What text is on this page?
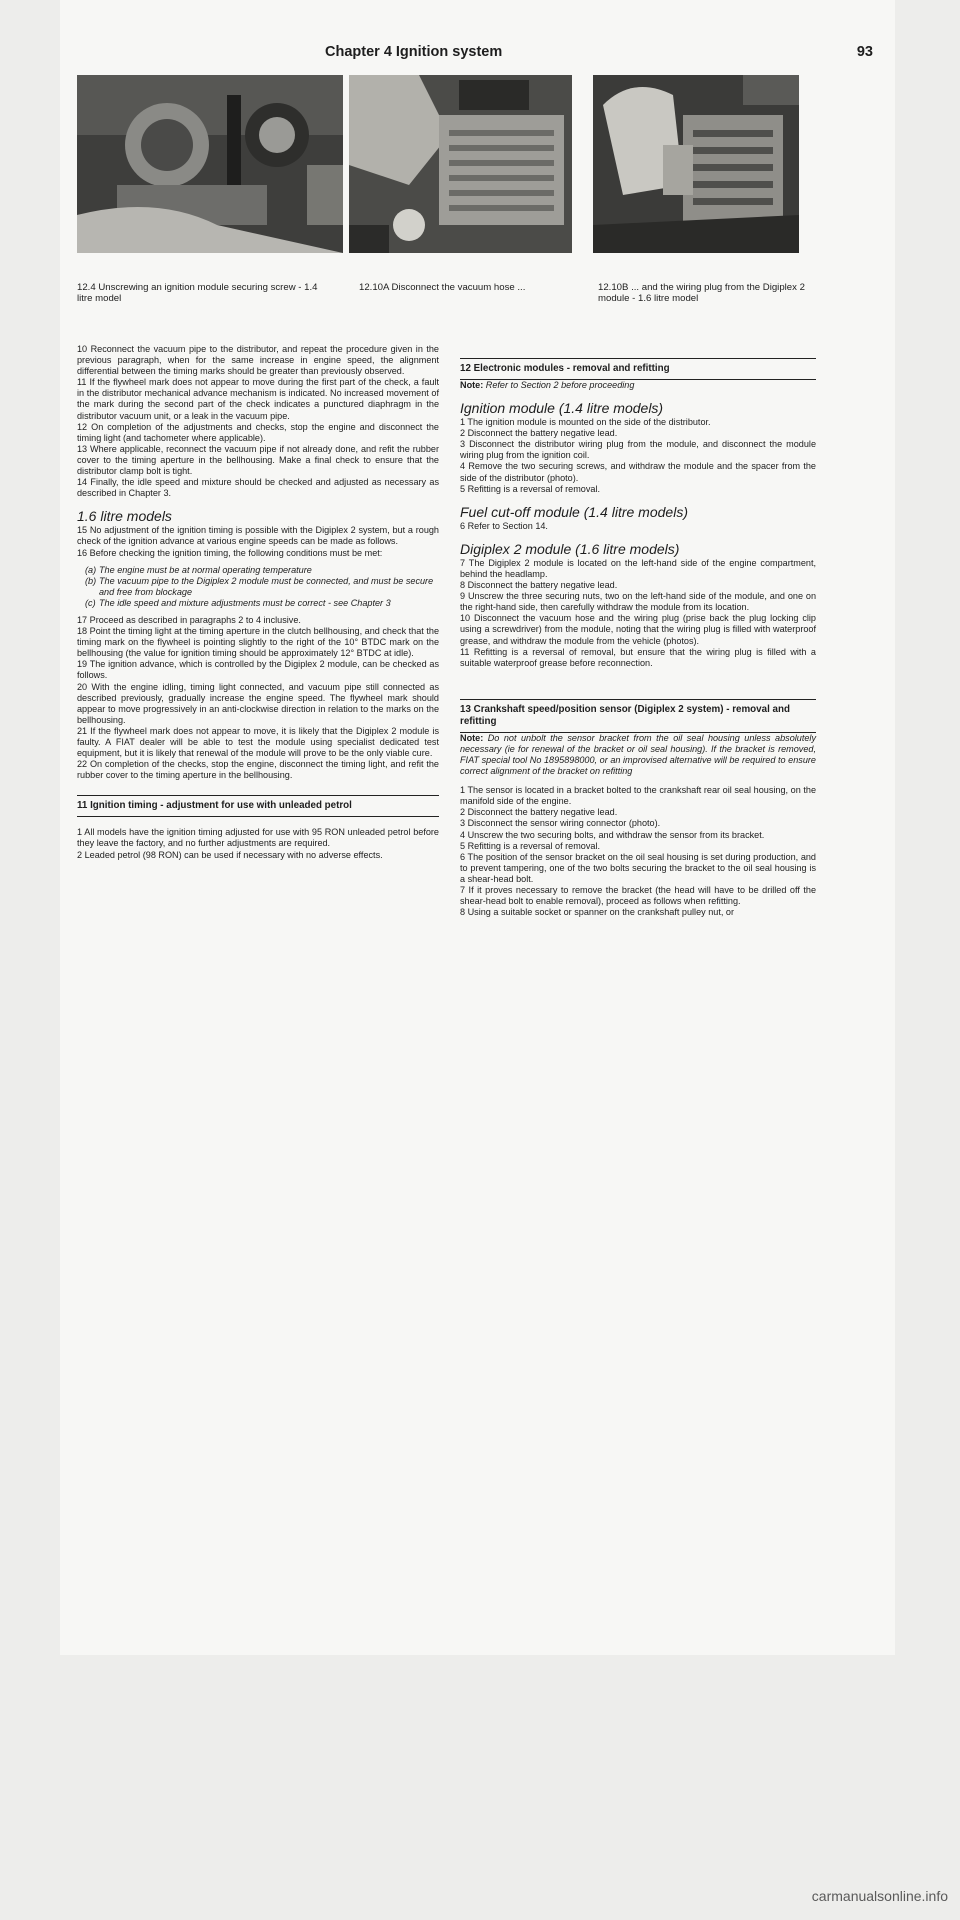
Chapter 4 Ignition system	93
12.4 Unscrewing an ignition module securing screw - 1.4 litre model
12.10A Disconnect the vacuum hose ...	12.10B ... and the wiring plug from the Digiplex 2 module - 1.6 litre model

10 Reconnect the vacuum pipe to the distributor, and repeat the procedure given in the previous paragraph, when for the same increase in engine speed, the alignment differential between the timing marks should be greater than previously observed.

11 If the flywheel mark does not appear to move during the first part of the check, a fault in the distributor mechanical advance mechanism is indicated. No increased movement of the mark during the second part of the check indicates a punctured diaphragm in the distributor vacuum unit, or a leak in the vacuum pipe.

12 On completion of the adjustments and checks, stop the engine and disconnect the timing light (and tachometer where applicable).

13 Where applicable, reconnect the vacuum pipe if not already done, and refit the rubber cover to the timing aperture in the bellhousing. Make a final check to ensure that the distributor clamp bolt is tight.

14 Finally, the idle speed and mixture should be checked and adjusted as necessary as described in Chapter 3.

1.6 litre models

15 No adjustment of the ignition timing is possible with the Digiplex 2 system, but a rough check of the ignition advance at various engine speeds can be made as follows.

16 Before checking the ignition timing, the following conditions must be met:

(a) The engine must be at normal operating temperature
(b) The vacuum pipe to the Digiplex 2 module must be connected, and must be secure and free from blockage
(c) The idle speed and mixture adjustments must be correct - see Chapter 3

17 Proceed as described in paragraphs 2 to 4 inclusive.

18 Point the timing light at the timing aperture in the clutch bellhousing, and check that the timing mark on the flywheel is pointing slightly to the right of the 10° BTDC mark on the bellhousing (the value for ignition timing should be approximately 12° BTDC at idle).

19 The ignition advance, which is controlled by the Digiplex 2 module, can be checked as follows.

20 With the engine idling, timing light connected, and vacuum pipe still connected as described previously, gradually increase the engine speed. The flywheel mark should appear to move progressively in an anti-clockwise direction in relation to the marks on the bellhousing.

21 If the flywheel mark does not appear to move, it is likely that the Digiplex 2 module is faulty. A FIAT dealer will be able to test the module using specialist dedicated test equipment, but it is likely that renewal of the module will prove to be the only viable cure.

22 On completion of the checks, stop the engine, disconnect the timing light, and refit the rubber cover to the timing aperture in the bellhousing.

11 Ignition timing - adjustment for use with unleaded petrol

1 All models have the ignition timing adjusted for use with 95 RON unleaded petrol before they leave the factory, and no further adjustments are required.

2 Leaded petrol (98 RON) can be used if necessary with no adverse effects.

12 Electronic modules - removal and refitting

Note: Refer to Section 2 before proceeding

Ignition module (1.4 litre models)

1 The ignition module is mounted on the side of the distributor.

2 Disconnect the battery negative lead.

3 Disconnect the distributor wiring plug from the module, and disconnect the module wiring plug from the ignition coil.

4 Remove the two securing screws, and withdraw the module and the spacer from the side of the distributor (photo).

5 Refitting is a reversal of removal.

Fuel cut-off module (1.4 litre models)

6 Refer to Section 14.

Digiplex 2 module (1.6 litre models)

7 The Digiplex 2 module is located on the left-hand side of the engine compartment, behind the headlamp.

8 Disconnect the battery negative lead.

9 Unscrew the three securing nuts, two on the left-hand side of the module, and one on the right-hand side, then carefully withdraw the module from its location.

10 Disconnect the vacuum hose and the wiring plug (prise back the plug locking clip using a screwdriver) from the module, noting that the wiring plug is filled with waterproof grease, and withdraw the module from the vehicle (photos).

11 Refitting is a reversal of removal, but ensure that the wiring plug is filled with a suitable waterproof grease before reconnection.

13 Crankshaft speed/position sensor (Digiplex 2 system) - removal and refitting

Note: Do not unbolt the sensor bracket from the oil seal housing unless absolutely necessary (ie for renewal of the bracket or oil seal housing). If the bracket is removed, FIAT special tool No 1895898000, or an improvised alternative will be required to ensure correct alignment of the bracket on refitting

1 The sensor is located in a bracket bolted to the crankshaft rear oil seal housing, on the manifold side of the engine.

2 Disconnect the battery negative lead.

3 Disconnect the sensor wiring connector (photo).

4 Unscrew the two securing bolts, and withdraw the sensor from its bracket.

5 Refitting is a reversal of removal.

6 The position of the sensor bracket on the oil seal housing is set during production, and to prevent tampering, one of the two bolts securing the bracket to the oil seal housing is a shear-head bolt.

7 If it proves necessary to remove the bracket (the head will have to be drilled off the shear-head bolt to enable removal), proceed as follows when refitting.

8 Using a suitable socket or spanner on the crankshaft pulley nut, or

carmanualsonline.info
